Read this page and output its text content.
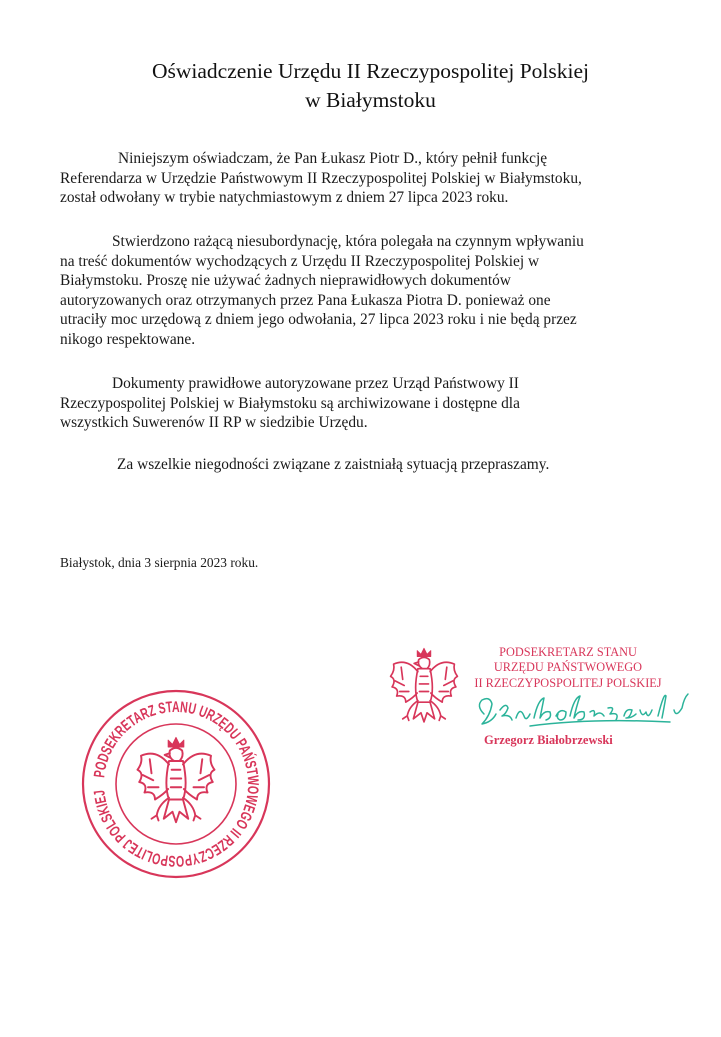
Oświadczenie Urzędu II Rzeczypospolitej Polskiej
w Białymstoku
Niniejszym oświadczam, że Pan Łukasz Piotr D., który pełnił funkcję
Referendarza w Urzędzie Państwowym II Rzeczypospolitej Polskiej w Białymstoku,
został odwołany w trybie natychmiastowym z dniem 27 lipca 2023 roku.
Stwierdzono rażącą niesubordynację, która polegała na czynnym wpływaniu
na treść dokumentów wychodzących z Urzędu II Rzeczypospolitej Polskiej w
Białymstoku. Proszę nie używać żadnych nieprawidłowych dokumentów
autoryzowanych oraz otrzymanych przez Pana Łukasza Piotra D. ponieważ one
utraciły moc urzędową z dniem jego odwołania, 27 lipca 2023 roku i nie będą przez
nikogo respektowane.
Dokumenty prawidłowe autoryzowane przez Urząd Państwowy II
Rzeczypospolitej Polskiej w Białymstoku są archiwizowane i dostępne dla
wszystkich Suwerenów II RP w siedzibie Urzędu.
Za wszelkie niegodności związane z zaistniałą sytuacją przepraszamy.
Białystok, dnia 3 sierpnia 2023 roku.
PODSEKRETARZ STANU URZĘDU PAŃSTWOWEGO II RZECZYPOSPOLITEJ POLSKIEJ
PODSEKRETARZ STANU
URZĘDU PAŃSTWOWEGO
II RZECZYPOSPOLITEJ POLSKIEJ
Grzegorz Białobrzewski
